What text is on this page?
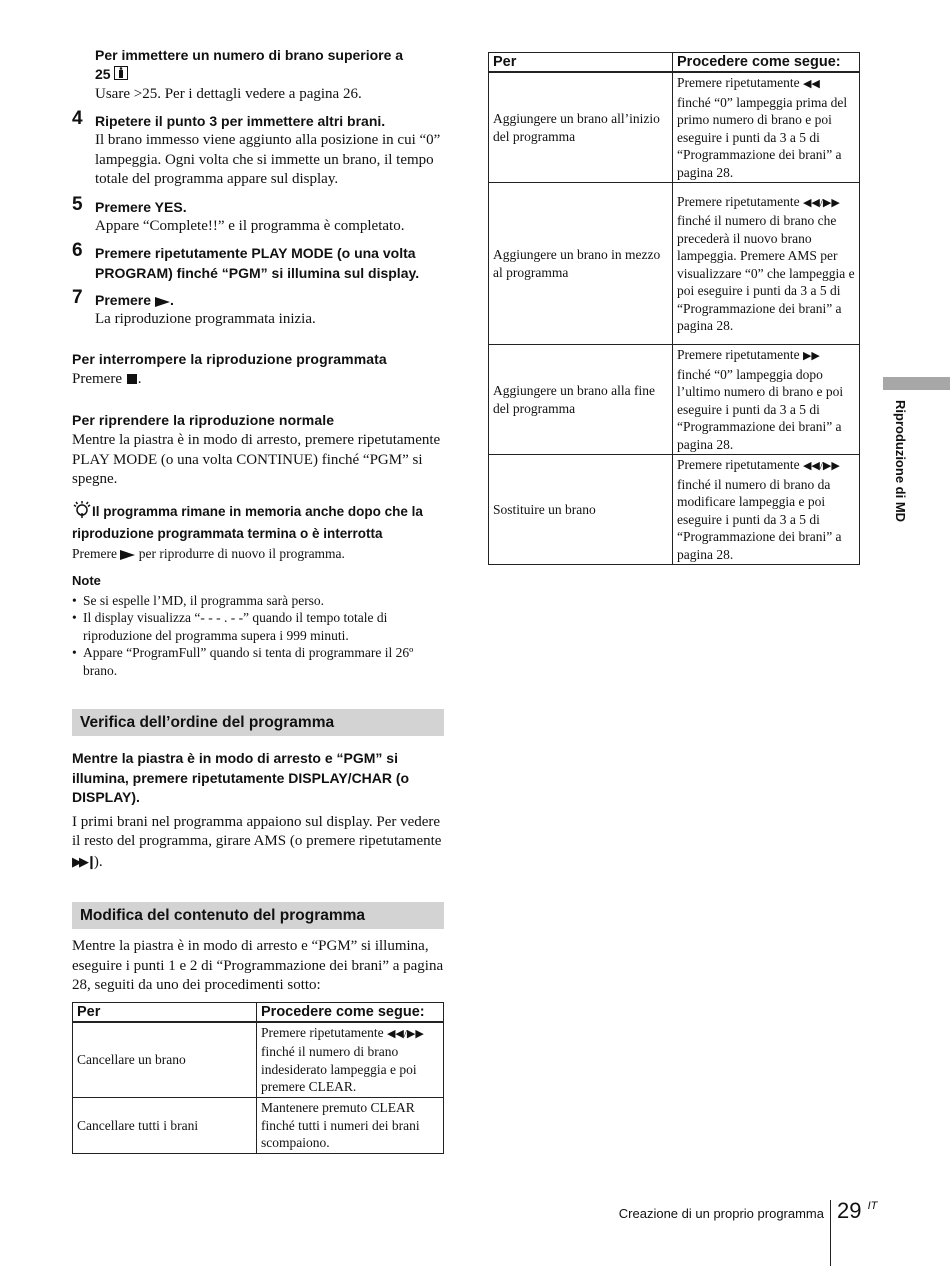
Per immettere un numero di brano superiore a
25
Usare >25. Per i dettagli vedere a pagina 26.
4 Ripetere il punto 3 per immettere altri brani.
Il brano immesso viene aggiunto alla posizione in cui “0” lampeggia. Ogni volta che si immette un brano, il tempo totale del programma appare sul display.
5 Premere YES.
Appare “Complete!!” e il programma è completato.
6 Premere ripetutamente PLAY MODE (o una volta PROGRAM) finché “PGM” si illumina sul display.
7 Premere .
La riproduzione programmata inizia.
Per interrompere la riproduzione programmata
Premere .
Per riprendere la riproduzione normale
Mentre la piastra è in modo di arresto, premere ripetutamente PLAY MODE (o una volta CONTINUE) finché “PGM” si spegne.
Il programma rimane in memoria anche dopo che la riproduzione programmata termina o è interrotta
Premere per riprodurre di nuovo il programma.
Note
• Se si espelle l’MD, il programma sarà perso.
• Il display visualizza “- - - . - -” quando il tempo totale di riproduzione del programma supera i 999 minuti.
• Appare “ProgramFull” quando si tenta di programmare il 26º brano.
Verifica dell’ordine del programma
Mentre la piastra è in modo di arresto e “PGM” si illumina, premere ripetutamente DISPLAY/CHAR (o DISPLAY).
I primi brani nel programma appaiono sul display. Per vedere il resto del programma, girare AMS (o premere ripetutamente ▶▶❙).
Modifica del contenuto del programma
Mentre la piastra è in modo di arresto e “PGM” si illumina, eseguire i punti 1 e 2 di “Programmazione dei brani” a pagina 28, seguiti da uno dei procedimenti sotto:
Per	Procedere come segue:
Cancellare un brano	Premere ripetutamente ◀◀/▶▶ finché il numero di brano indesiderato lampeggia e poi premere CLEAR.
Cancellare tutti i brani	Mantenere premuto CLEAR finché tutti i numeri dei brani scompaiono.
Per	Procedere come segue:
Aggiungere un brano all’inizio del programma	Premere ripetutamente ◀◀ finché “0” lampeggia prima del primo numero di brano e poi eseguire i punti da 3 a 5 di “Programmazione dei brani” a pagina 28.
Aggiungere un brano in mezzo al programma	Premere ripetutamente ◀◀/▶▶ finché il numero di brano che precederà il nuovo brano lampeggia. Premere AMS per visualizzare “0” che lampeggia e poi eseguire i punti da 3 a 5 di “Programmazione dei brani” a pagina 28.
Aggiungere un brano alla fine del programma	Premere ripetutamente ▶▶ finché “0” lampeggia dopo l’ultimo numero di brano e poi eseguire i punti da 3 a 5 di “Programmazione dei brani” a pagina 28.
Sostituire un brano	Premere ripetutamente ◀◀/▶▶ finché il numero di brano da modificare lampeggia e poi eseguire i punti da 3 a 5 di “Programmazione dei brani” a pagina 28.
Riproduzione di MD
Creazione di un proprio programma 29 $^{IT}$
